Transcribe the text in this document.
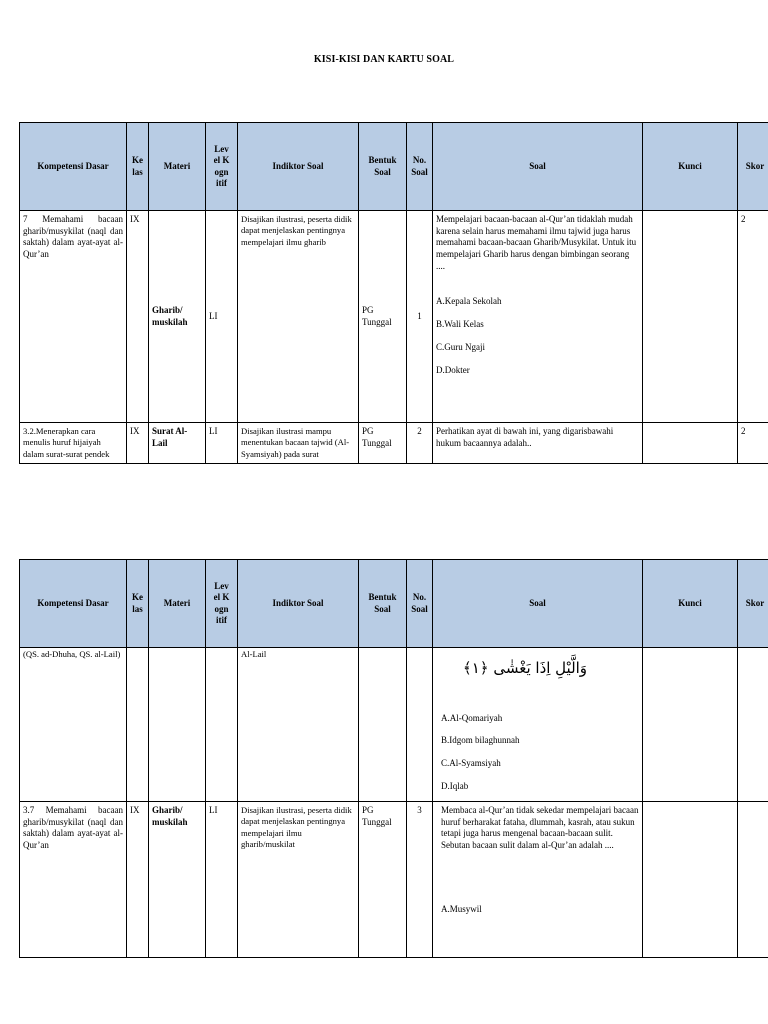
KISI-KISI DAN KARTU SOAL
Kompetensi Dasar	Kelas	Materi	Level Kognitif	Indiktor Soal	Bentuk Soal	No. Soal	Soal	Kunci	Skor
7 Memahami bacaan gharib/musykilat (naql dan saktah) dalam ayat-ayat al-Qur’an	IX	Gharib/ muskilah	LI	Disajikan ilustrasi, peserta didik dapat menjelaskan pentingnya mempelajari ilmu gharib	PG Tunggal	1	Mempelajari bacaan-bacaan al-Qur’an tidaklah mudah karena selain harus memahami ilmu tajwid juga harus memahami bacaan-bacaan Gharib/Musykilat. Untuk itu mempelajari Gharib harus dengan bimbingan seorang ....
A.Kepala Sekolah
B.Wali Kelas
C.Guru Ngaji
D.Dokter		2
3.2.Menerapkan cara menulis huruf hijaiyah dalam surat-surat pendek	IX	Surat Al-Lail	LI	Disajikan ilustrasi mampu menentukan bacaan tajwid (Al-Syamsiyah) pada surat	PG Tunggal	2	Perhatikan ayat di bawah ini, yang digarisbawahi hukum bacaannya adalah..		2
Kompetensi Dasar	Kelas	Materi	Level Kognitif	Indiktor Soal	Bentuk Soal	No. Soal	Soal	Kunci	Skor
(QS. ad-Dhuha, QS. al-Lail)				Al-Lail			وَالَّيْلِ اِذَا يَغْشٰى ﴿١﴾
A.Al-Qomariyah
B.Idgom bilaghunnah
C.Al-Syamsiyah
D.Iqlab		

3.7 Memahami bacaan gharib/musykilat (naql dan saktah) dalam ayat-ayat al-Qur’an	IX	Gharib/ muskilah	LI	Disajikan ilustrasi, peserta didik dapat menjelaskan pentingnya mempelajari ilmu gharib/muskilat	PG Tunggal	3	Membaca al-Qur’an tidak sekedar mempelajari bacaan huruf berharakat fataha, dlummah, kasrah, atau sukun tetapi juga harus mengenal bacaan-bacaan sulit. Sebutan bacaan sulit dalam al-Qur’an adalah ....
A.Musywil		
